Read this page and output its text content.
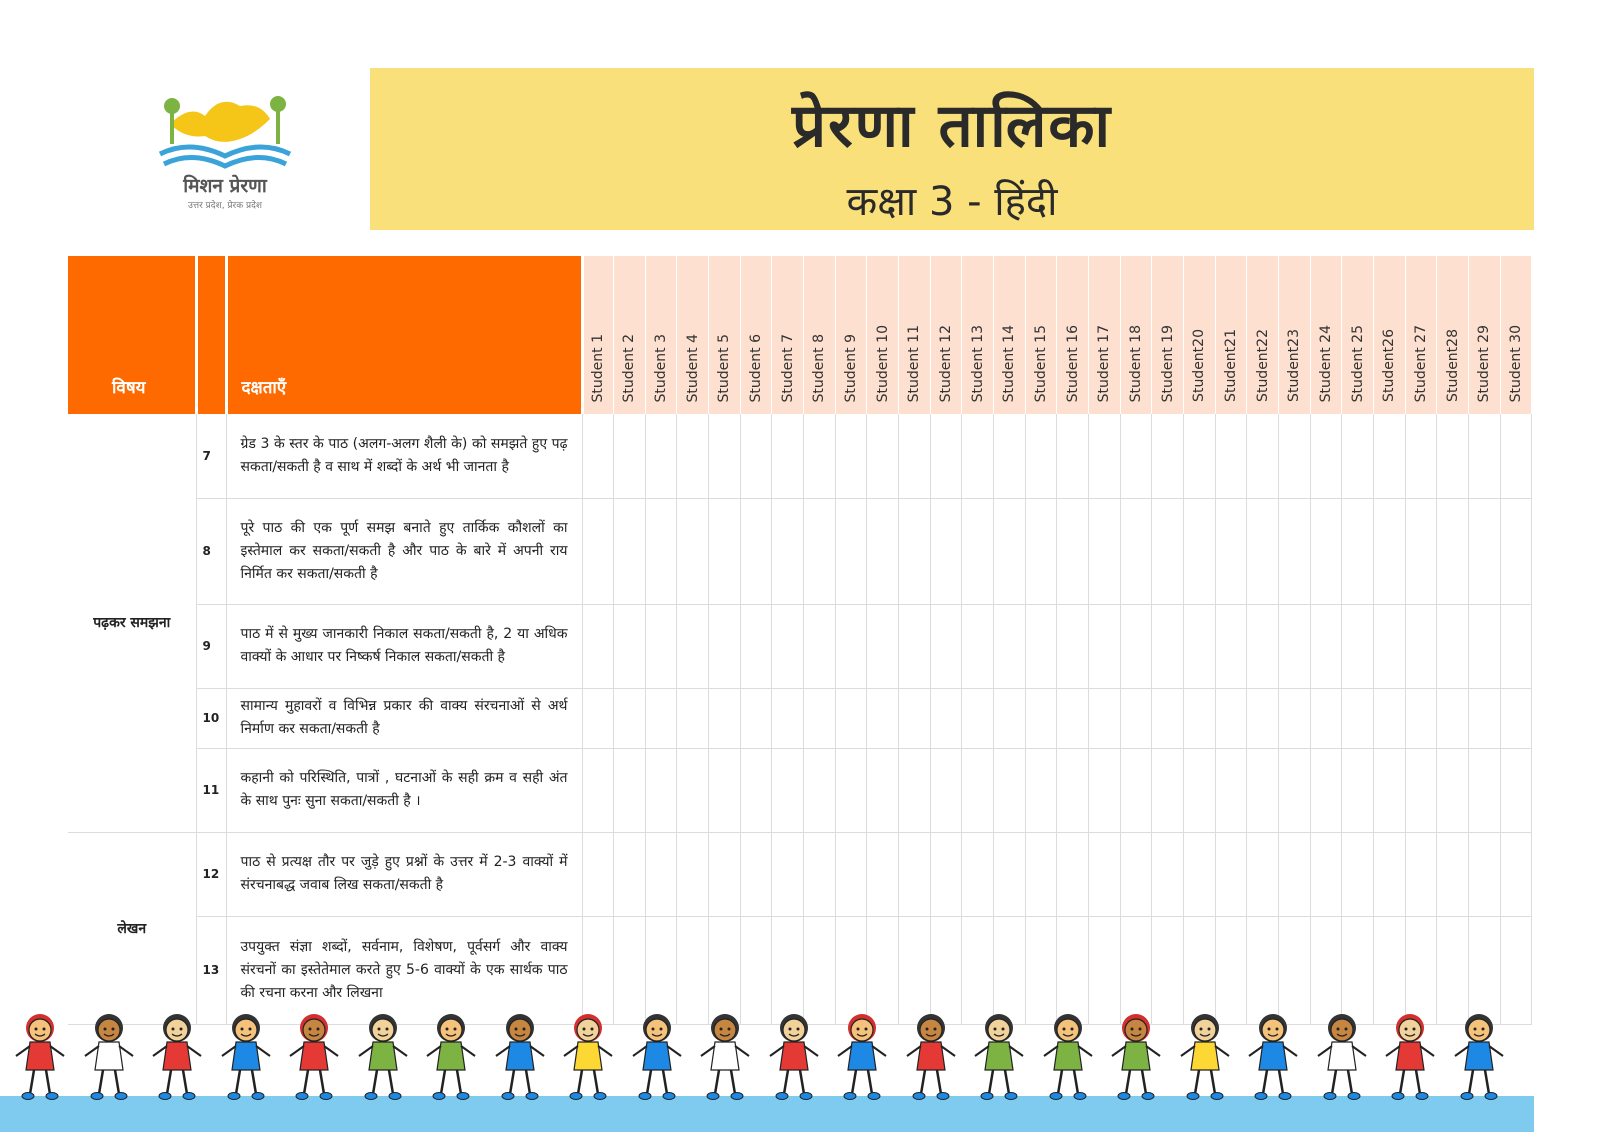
मिशन प्रेरणा
उत्तर प्रदेश, प्रेरक प्रदेश
प्रेरणा तालिका
कक्षा 3 - हिंदी
विषय		दक्षताएँ	Student 1	Student 2	Student 3	Student 4	Student 5	Student 6	Student 7	Student 8	Student 9	Student 10	Student 11	Student 12	Student 13	Student 14	Student 15	Student 16	Student 17	Student 18	Student 19	Student20	Student21	Student22	Student23	Student 24	Student 25	Student26	Student 27	Student28	Student 29	Student 30

पढ़कर समझना	7	ग्रेड 3 के स्तर के पाठ (अलग-अलग शैली के) को समझते हुए पढ़ सकता/सकती है व साथ में शब्दों के अर्थ भी जानता है																														
	8	पूरे पाठ की एक पूर्ण समझ बनाते हुए तार्किक कौशलों का इस्तेमाल कर सकता/सकती है और पाठ के बारे में अपनी राय निर्मित कर सकता/सकती है																														
	9	पाठ में से मुख्य जानकारी निकाल सकता/सकती है, 2 या अधिक वाक्यों के आधार पर निष्कर्ष निकाल सकता/सकती है																														
	10	सामान्य मुहावरों व विभिन्न प्रकार की वाक्य संरचनाओं से अर्थ निर्माण कर सकता/सकती है																														
	11	कहानी को परिस्थिति, पात्रों , घटनाओं के सही क्रम व सही अंत के साथ पुनः सुना सकता/सकती है ।																														
लेखन	12	पाठ से प्रत्यक्ष तौर पर जुड़े हुए प्रश्नों के उत्तर में 2-3 वाक्यों में संरचनाबद्ध जवाब लिख सकता/सकती है																														
	13	उपयुक्त संज्ञा शब्दों, सर्वनाम, विशेषण, पूर्वसर्ग और वाक्य संरचनों का इस्तेतेमाल करते हुए 5-6 वाक्यों के एक सार्थक पाठ की रचना करना और लिखना																														
